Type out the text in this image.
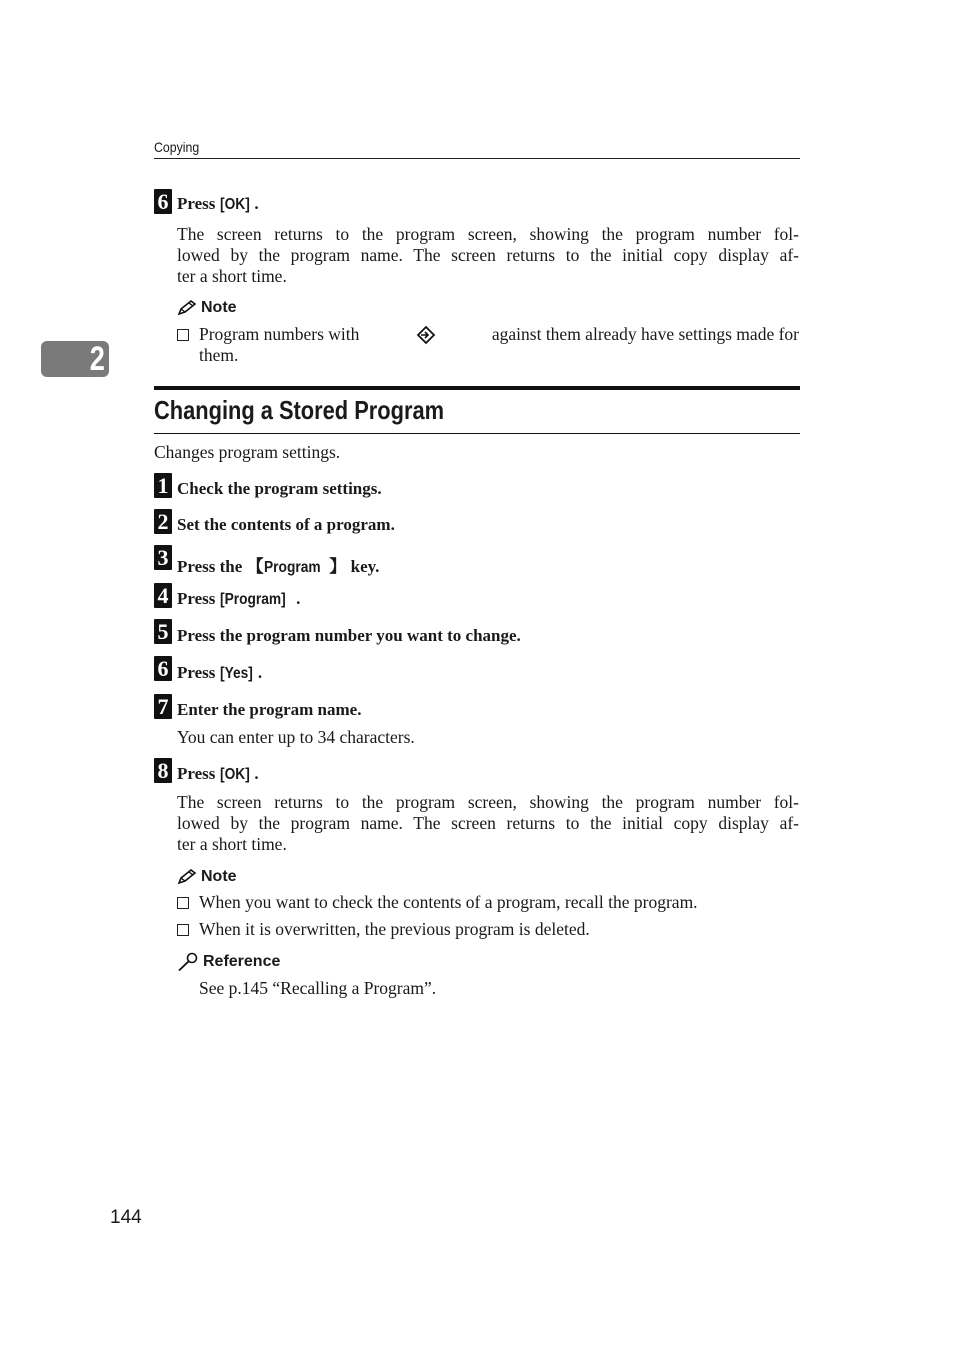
Copying
2
6 Press [OK] .
The screen returns to the program screen, showing the program number fol-
lowed by the program name. The screen returns to the initial copy display af-
ter a short time.
Note
Program numbers with	against them already have settings made for
them.
Changing a Stored Program
Changes program settings.
1 Check the program settings.
2 Set the contents of a program.
3 Press the 【Program 】 key.
4 Press [Program] .
5 Press the program number you want to change.
6 Press [Yes] .
7 Enter the program name.
You can enter up to 34 characters.
8 Press [OK] .
The screen returns to the program screen, showing the program number fol-
lowed by the program name. The screen returns to the initial copy display af-
ter a short time.
Note
When you want to check the contents of a program, recall the program.
When it is overwritten, the previous program is deleted.
Reference
See p.145 “Recalling a Program”.
144
